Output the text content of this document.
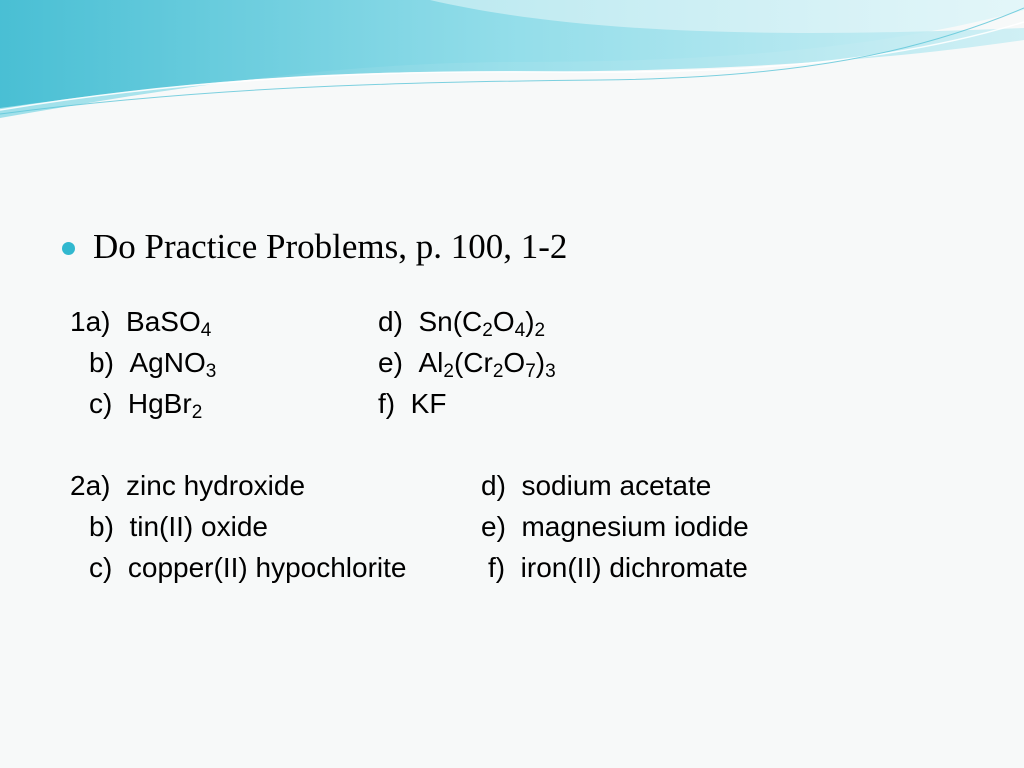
Do Practice Problems, p. 100, 1-2
1a) BaSO$_4$
b) AgNO$_3$
c) HgBr$_2$
d) $Sn(C_2O_4)_2$
e) $Al_2(Cr_2O_7)_3$
f) KF
2a) zinc hydroxide
b) tin(II) oxide
c) copper(II) hypochlorite
d) sodium acetate
e) magnesium iodide
f) iron(II) dichromate
